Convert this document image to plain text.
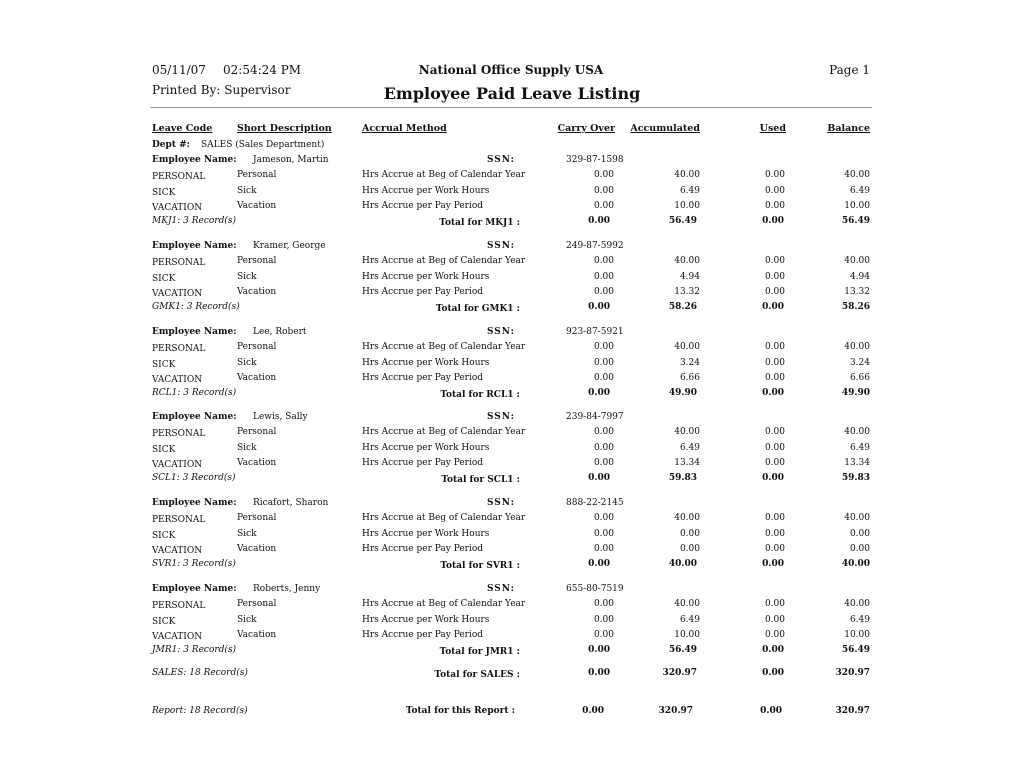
05/11/07 02:54:24 PM	National Office Supply USA	Page 1
Printed By: Supervisor	Employee Paid Leave Listing
Leave Code	Short Description	Accrual Method	Carry Over	Accumulated	Used	Balance
Dept #: SALES (Sales Department)
Employee Name: Jameson, Martin	SSN:	329-87-1598
PERSONAL	Personal	Hrs Accrue at Beg of Calendar Year	0.00	40.00	0.00	40.00
SICK	Sick	Hrs Accrue per Work Hours	0.00	6.49	0.00	6.49
VACATION	Vacation	Hrs Accrue per Pay Period	0.00	10.00	0.00	10.00
MKJ1: 3 Record(s)	Total for MKJ1 :	0.00	56.49	0.00	56.49
Employee Name: Kramer, George	SSN:	249-87-5992
PERSONAL	Personal	Hrs Accrue at Beg of Calendar Year	0.00	40.00	0.00	40.00
SICK	Sick	Hrs Accrue per Work Hours	0.00	4.94	0.00	4.94
VACATION	Vacation	Hrs Accrue per Pay Period	0.00	13.32	0.00	13.32
GMK1: 3 Record(s)	Total for GMK1 :	0.00	58.26	0.00	58.26
Employee Name: Lee, Robert	SSN:	923-87-5921
PERSONAL	Personal	Hrs Accrue at Beg of Calendar Year	0.00	40.00	0.00	40.00
SICK	Sick	Hrs Accrue per Work Hours	0.00	3.24	0.00	3.24
VACATION	Vacation	Hrs Accrue per Pay Period	0.00	6.66	0.00	6.66
RCL1: 3 Record(s)	Total for RCL1 :	0.00	49.90	0.00	49.90
Employee Name: Lewis, Sally	SSN:	239-84-7997
PERSONAL	Personal	Hrs Accrue at Beg of Calendar Year	0.00	40.00	0.00	40.00
SICK	Sick	Hrs Accrue per Work Hours	0.00	6.49	0.00	6.49
VACATION	Vacation	Hrs Accrue per Pay Period	0.00	13.34	0.00	13.34
SCL1: 3 Record(s)	Total for SCL1 :	0.00	59.83	0.00	59.83
Employee Name: Ricafort, Sharon	SSN:	888-22-2145
PERSONAL	Personal	Hrs Accrue at Beg of Calendar Year	0.00	40.00	0.00	40.00
SICK	Sick	Hrs Accrue per Work Hours	0.00	0.00	0.00	0.00
VACATION	Vacation	Hrs Accrue per Pay Period	0.00	0.00	0.00	0.00
SVR1: 3 Record(s)	Total for SVR1 :	0.00	40.00	0.00	40.00
Employee Name: Roberts, Jenny	SSN:	655-80-7519
PERSONAL	Personal	Hrs Accrue at Beg of Calendar Year	0.00	40.00	0.00	40.00
SICK	Sick	Hrs Accrue per Work Hours	0.00	6.49	0.00	6.49
VACATION	Vacation	Hrs Accrue per Pay Period	0.00	10.00	0.00	10.00
JMR1: 3 Record(s)	Total for JMR1 :	0.00	56.49	0.00	56.49
SALES: 18 Record(s)	Total for SALES :	0.00	320.97	0.00	320.97
Report: 18 Record(s)	Total for this Report :	0.00	320.97	0.00	320.97
